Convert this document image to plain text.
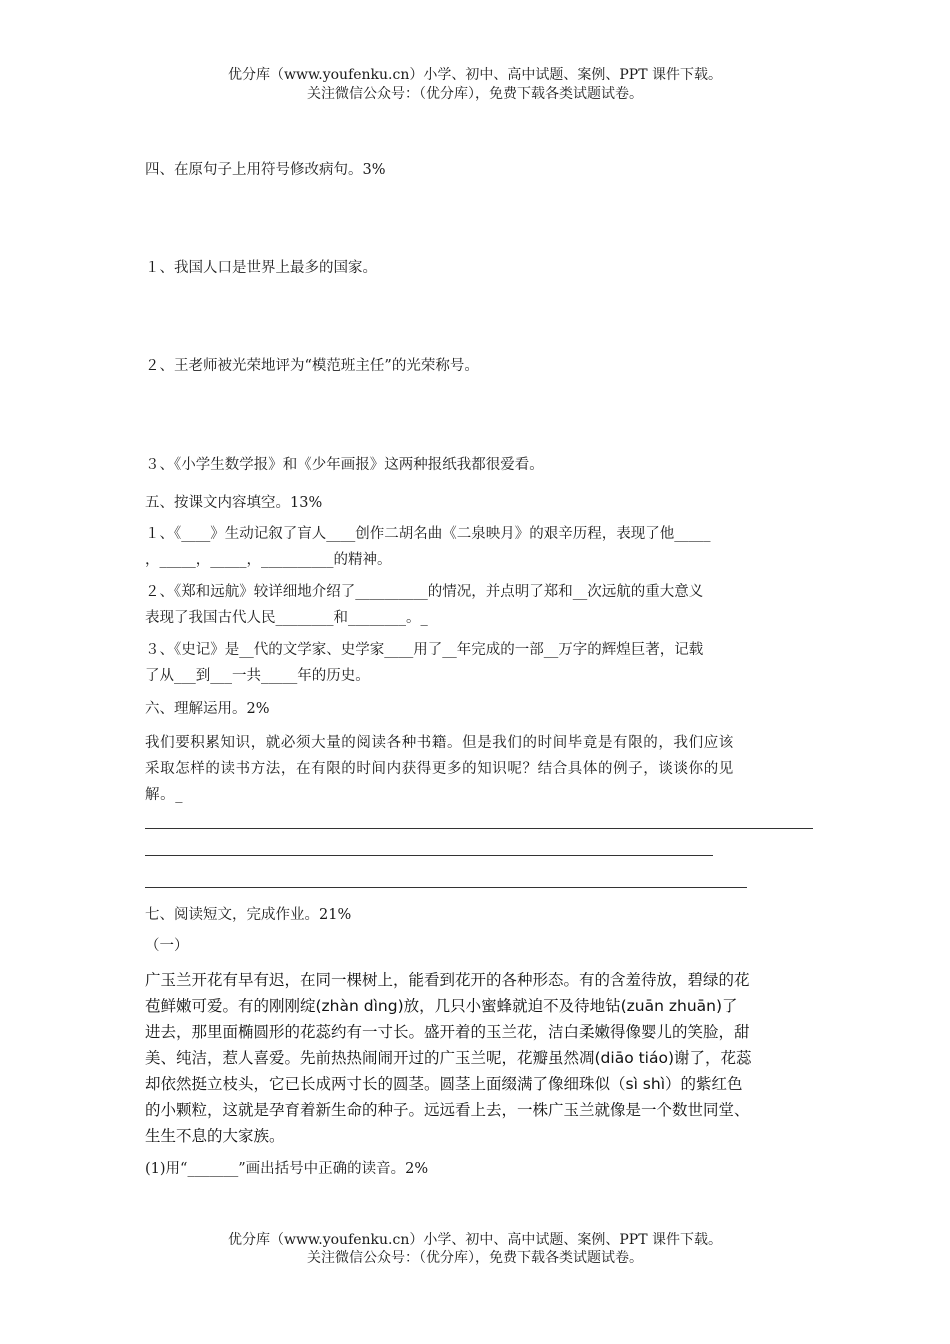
优分库（www.youfenku.cn）小学、初中、高中试题、案例、PPT 课件下载。
关注微信公众号：（优分库），免费下载各类试题试卷。
四、在原句子上用符号修改病句。3%
１、我国人口是世界上最多的国家。
２、王老师被光荣地评为“模范班主任”的光荣称号。
３、《小学生数学报》和《少年画报》这两种报纸我都很爱看。
五、按课文内容填空。13%
１、《____》生动记叙了盲人____创作二胡名曲《二泉映月》的艰辛历程，表现了他_____
，_____，_____，__________的精神。
２、《郑和远航》较详细地介绍了__________的情况，并点明了郑和__次远航的重大意义
表现了我国古代人民________和________。_
３、《史记》是__代的文学家、史学家____用了__年完成的一部__万字的辉煌巨著，记载
了从___到___一共_____年的历史。
六、理解运用。2%
我们要积累知识，就必须大量的阅读各种书籍。但是我们的时间毕竟是有限的，我们应该
采取怎样的读书方法，在有限的时间内获得更多的知识呢？结合具体的例子，谈谈你的见
解。_
七、阅读短文，完成作业。21%
（一）
广玉兰开花有早有迟，在同一棵树上，能看到花开的各种形态。有的含羞待放，碧绿的花
苞鲜嫩可爱。有的刚刚绽(zhàn dìng)放，几只小蜜蜂就迫不及待地钻(zuān zhuān)了
进去，那里面椭圆形的花蕊约有一寸长。盛开着的玉兰花，洁白柔嫩得像婴儿的笑脸，甜
美、纯洁，惹人喜爱。先前热热闹闹开过的广玉兰呢，花瓣虽然凋(diāo tiáo)谢了，花蕊
却依然挺立枝头，它已长成两寸长的圆茎。圆茎上面缀满了像细珠似（sì shì）的紫红色
的小颗粒，这就是孕育着新生命的种子。远远看上去，一株广玉兰就像是一个数世同堂、
生生不息的大家族。
(1)用“_______”画出括号中正确的读音。2%
优分库（www.youfenku.cn）小学、初中、高中试题、案例、PPT 课件下载。
关注微信公众号：（优分库），免费下载各类试题试卷。
